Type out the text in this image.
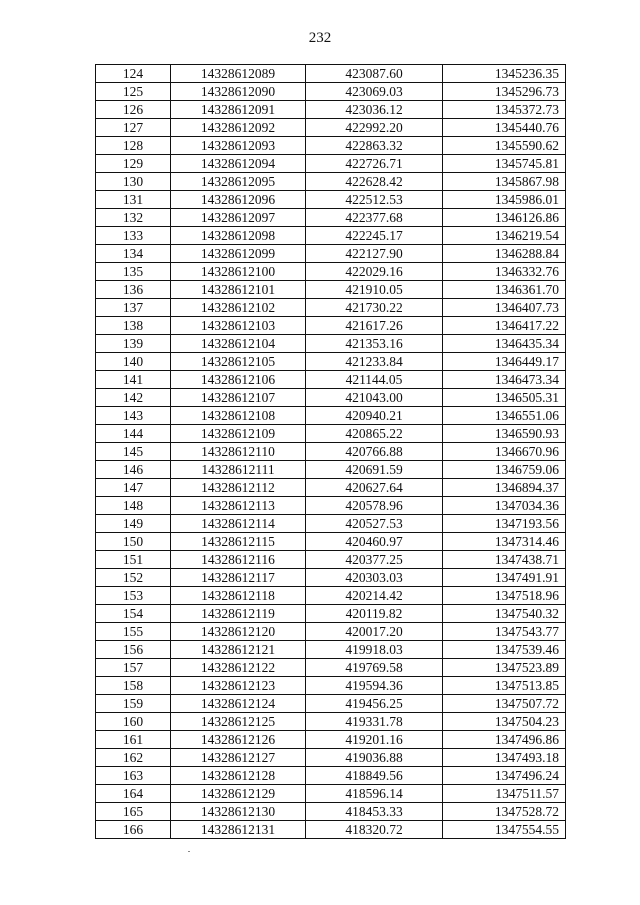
232
124	14328612089	423087.60	1345236.35
125	14328612090	423069.03	1345296.73
126	14328612091	423036.12	1345372.73
127	14328612092	422992.20	1345440.76
128	14328612093	422863.32	1345590.62
129	14328612094	422726.71	1345745.81
130	14328612095	422628.42	1345867.98
131	14328612096	422512.53	1345986.01
132	14328612097	422377.68	1346126.86
133	14328612098	422245.17	1346219.54
134	14328612099	422127.90	1346288.84
135	14328612100	422029.16	1346332.76
136	14328612101	421910.05	1346361.70
137	14328612102	421730.22	1346407.73
138	14328612103	421617.26	1346417.22
139	14328612104	421353.16	1346435.34
140	14328612105	421233.84	1346449.17
141	14328612106	421144.05	1346473.34
142	14328612107	421043.00	1346505.31
143	14328612108	420940.21	1346551.06
144	14328612109	420865.22	1346590.93
145	14328612110	420766.88	1346670.96
146	14328612111	420691.59	1346759.06
147	14328612112	420627.64	1346894.37
148	14328612113	420578.96	1347034.36
149	14328612114	420527.53	1347193.56
150	14328612115	420460.97	1347314.46
151	14328612116	420377.25	1347438.71
152	14328612117	420303.03	1347491.91
153	14328612118	420214.42	1347518.96
154	14328612119	420119.82	1347540.32
155	14328612120	420017.20	1347543.77
156	14328612121	419918.03	1347539.46
157	14328612122	419769.58	1347523.89
158	14328612123	419594.36	1347513.85
159	14328612124	419456.25	1347507.72
160	14328612125	419331.78	1347504.23
161	14328612126	419201.16	1347496.86
162	14328612127	419036.88	1347493.18
163	14328612128	418849.56	1347496.24
164	14328612129	418596.14	1347511.57
165	14328612130	418453.33	1347528.72
166	14328612131	418320.72	1347554.55
